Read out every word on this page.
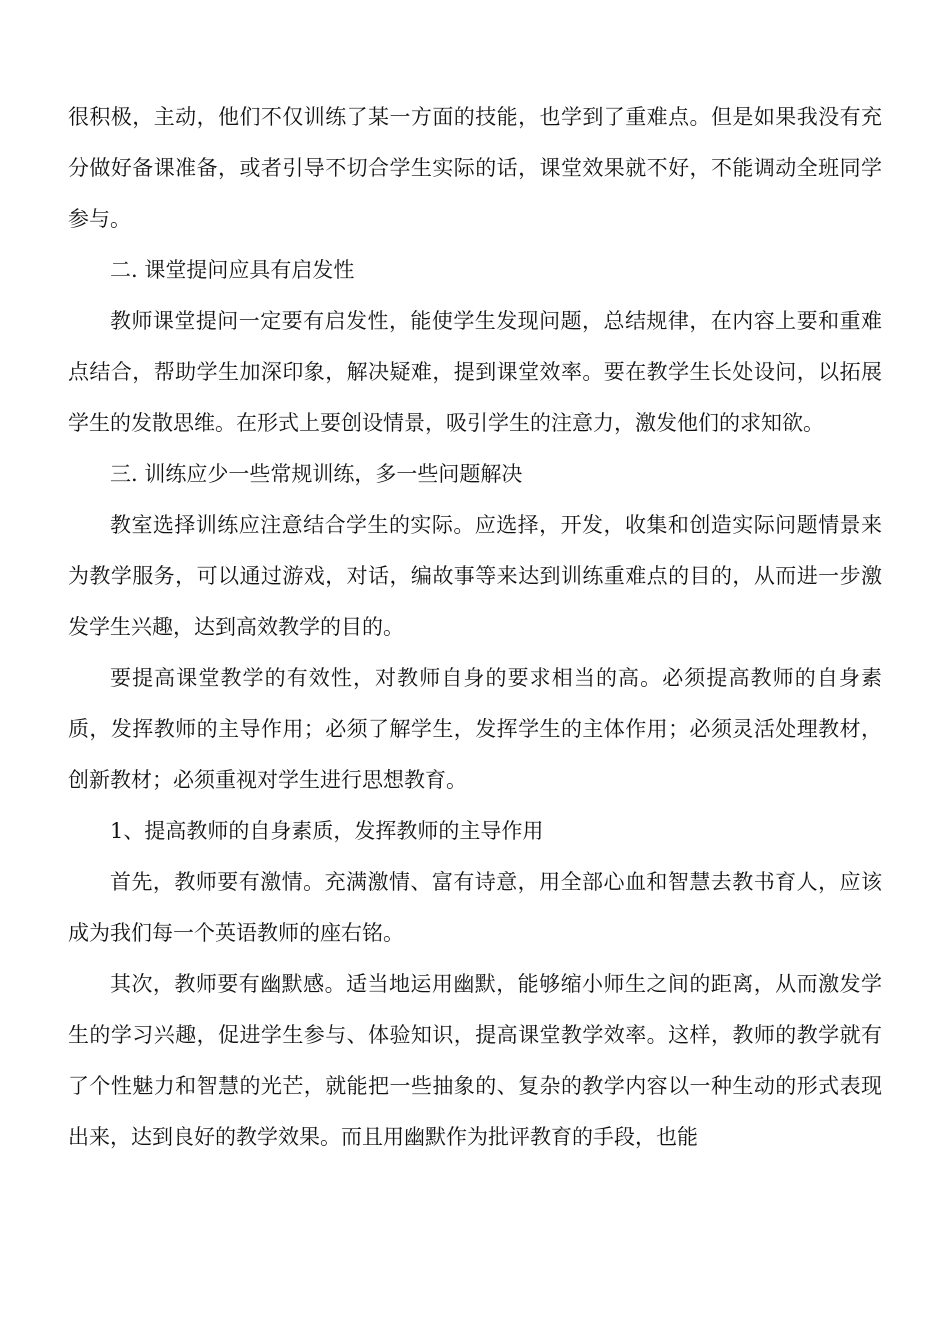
很积极，主动，他们不仅训练了某一方面的技能，也学到了重难点。但是如果我没有充分做好备课准备，或者引导不切合学生实际的话，课堂效果就不好，不能调动全班同学参与。

二. 课堂提问应具有启发性

教师课堂提问一定要有启发性，能使学生发现问题，总结规律，在内容上要和重难点结合，帮助学生加深印象，解决疑难，提到课堂效率。要在教学生长处设问，以拓展学生的发散思维。在形式上要创设情景，吸引学生的注意力，激发他们的求知欲。

三. 训练应少一些常规训练，多一些问题解决

教室选择训练应注意结合学生的实际。应选择，开发，收集和创造实际问题情景来为教学服务，可以通过游戏，对话，编故事等来达到训练重难点的目的，从而进一步激发学生兴趣，达到高效教学的目的。

要提高课堂教学的有效性，对教师自身的要求相当的高。必须提高教师的自身素质，发挥教师的主导作用；必须了解学生，发挥学生的主体作用；必须灵活处理教材，创新教材；必须重视对学生进行思想教育。

1、提高教师的自身素质，发挥教师的主导作用

首先，教师要有激情。充满激情、富有诗意，用全部心血和智慧去教书育人，应该成为我们每一个英语教师的座右铭。

其次，教师要有幽默感。适当地运用幽默，能够缩小师生之间的距离，从而激发学生的学习兴趣，促进学生参与、体验知识，提高课堂教学效率。这样，教师的教学就有了个性魅力和智慧的光芒，就能把一些抽象的、复杂的教学内容以一种生动的形式表现出来，达到良好的教学效果。而且用幽默作为批评教育的手段，也能
